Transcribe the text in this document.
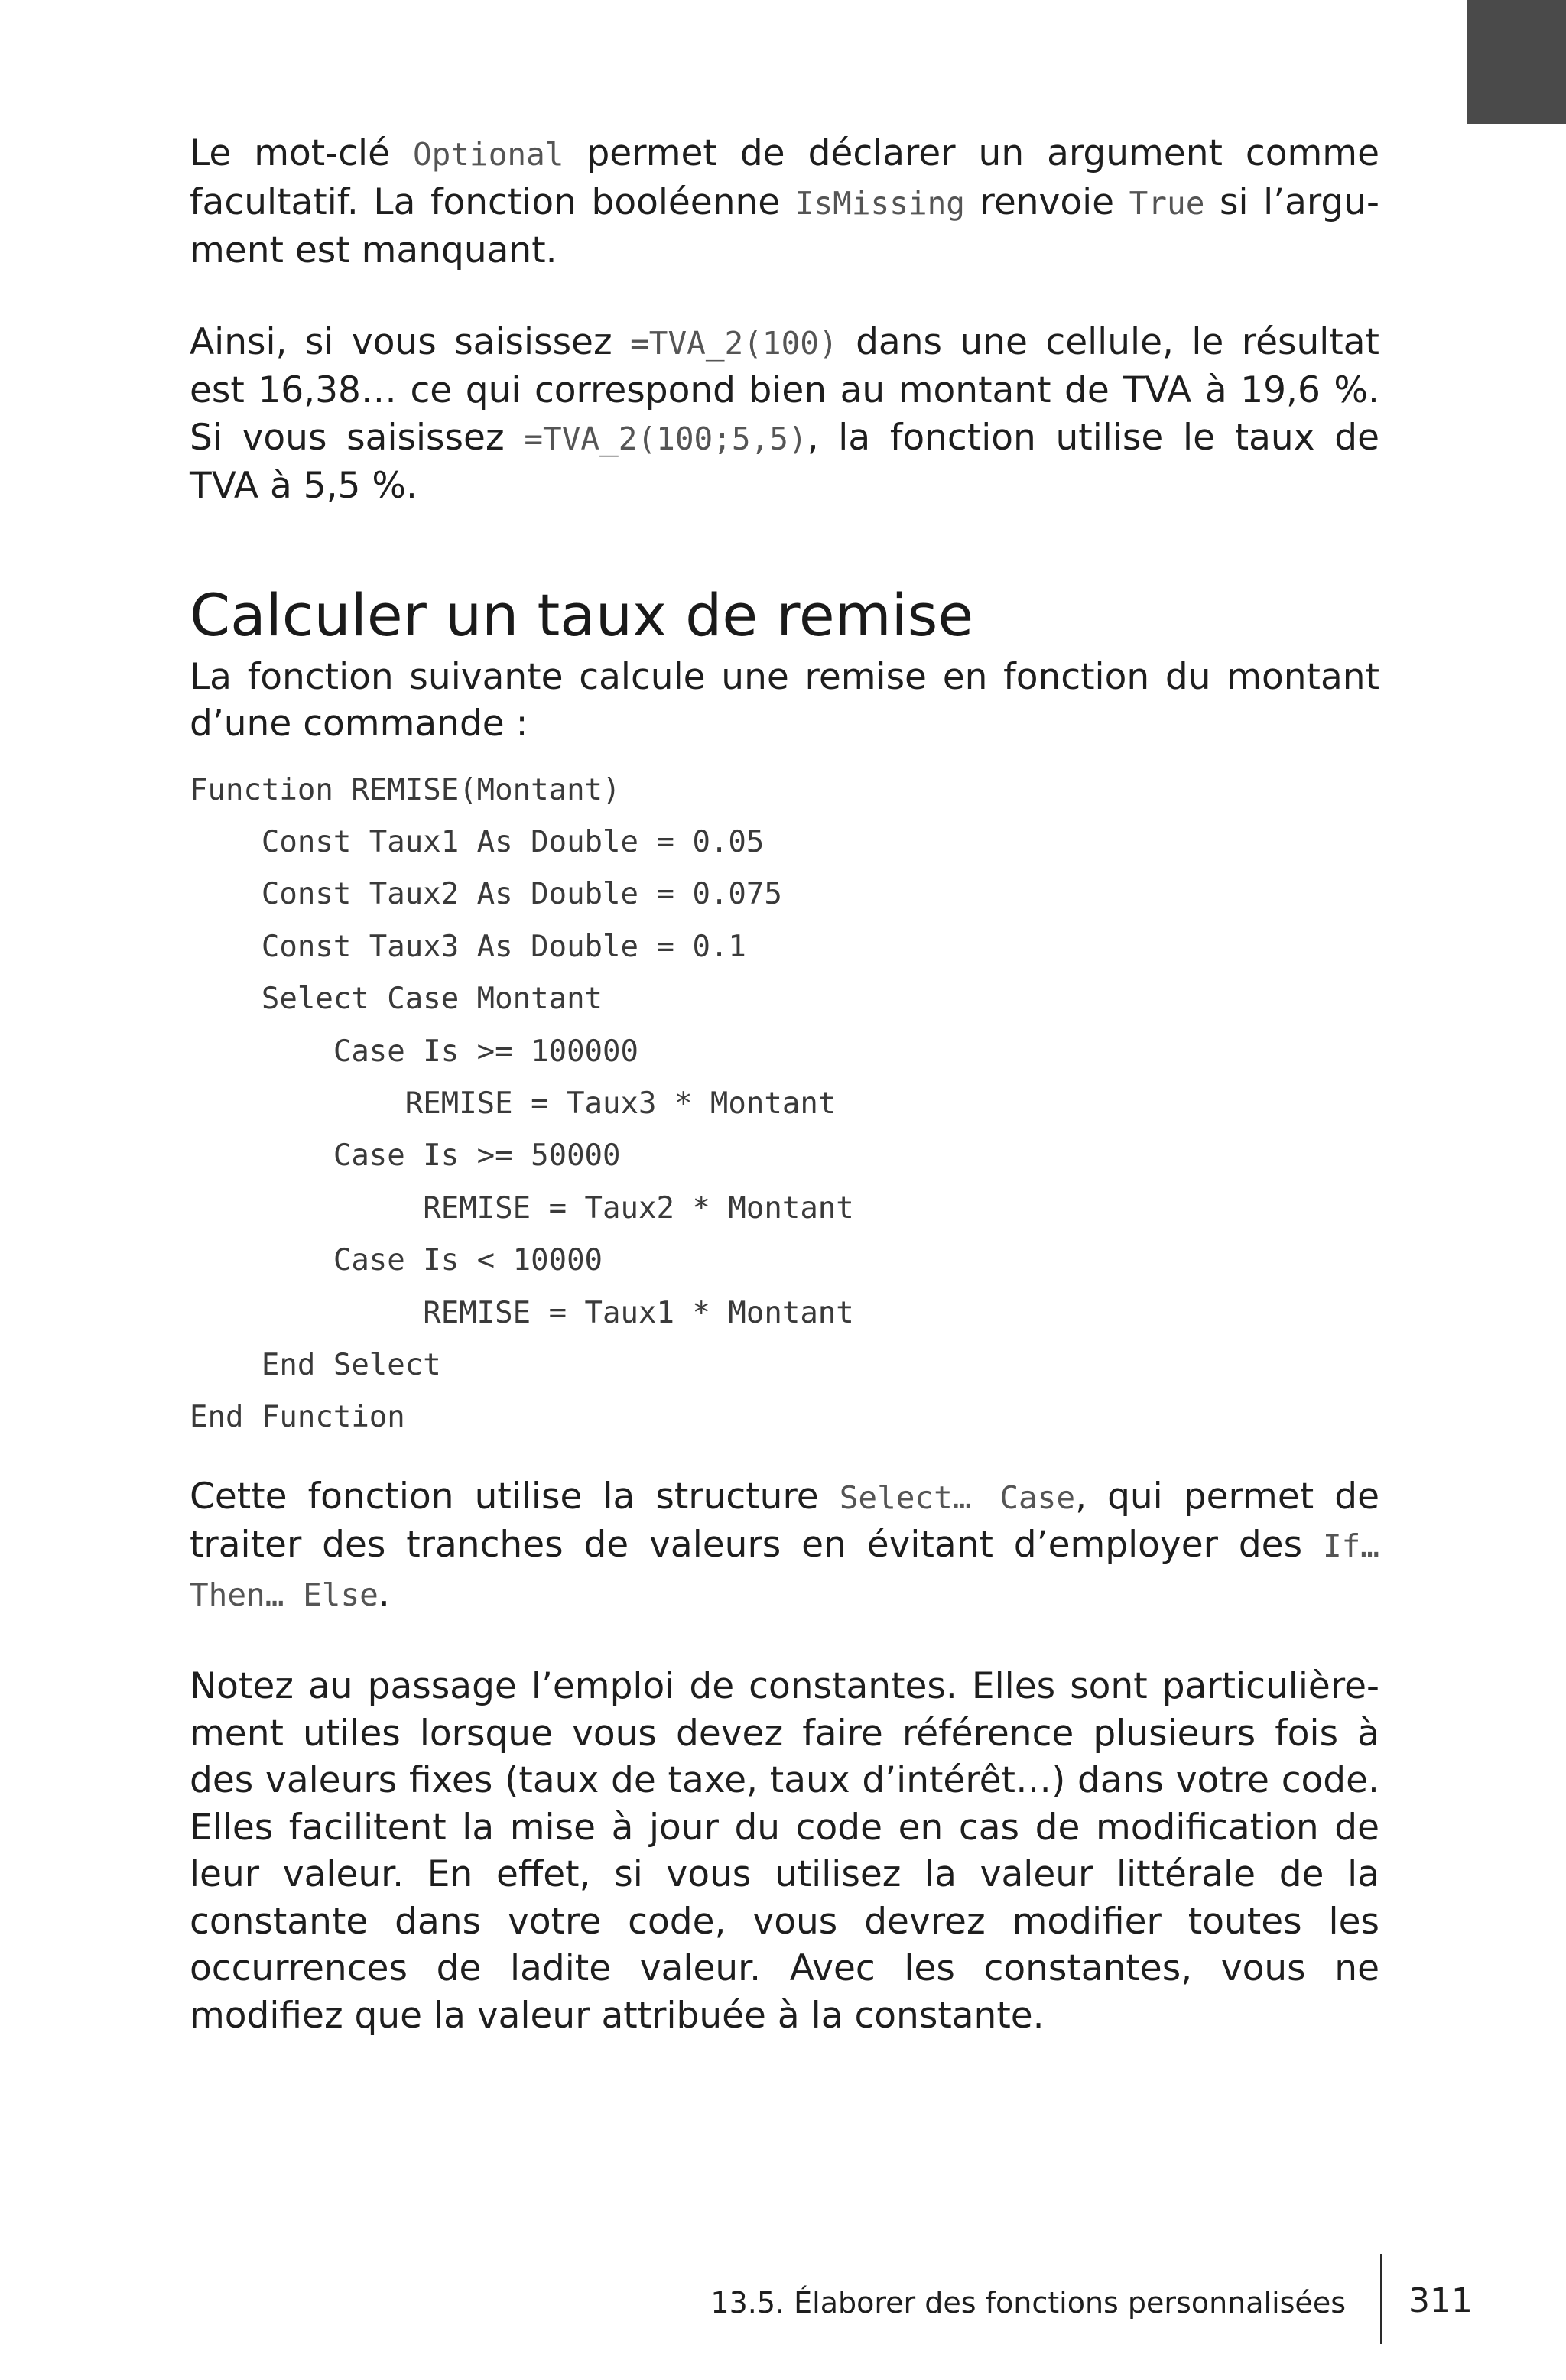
Le mot-clé Optional permet de déclarer un argument comme facultatif. La fonction booléenne IsMissing renvoie True si l’argument est manquant.

Ainsi, si vous saisissez =TVA_2(100) dans une cellule, le résultat est 16,38… ce qui correspond bien au montant de TVA à 19,6 %. Si vous saisissez =TVA_2(100;5,5), la fonction utilise le taux de TVA à 5,5 %.

Calculer un taux de remise

La fonction suivante calcule une remise en fonction du montant d’une commande :

Function REMISE(Montant)
Const Taux1 As Double = 0.05
Const Taux2 As Double = 0.075
Const Taux3 As Double = 0.1
Select Case Montant
Case Is >= 100000
REMISE = Taux3 * Montant
Case Is >= 50000
REMISE = Taux2 * Montant
Case Is < 10000
REMISE = Taux1 * Montant
End Select
End Function

Cette fonction utilise la structure Select… Case, qui permet de traiter des tranches de valeurs en évitant d’employer des If… Then… Else.

Notez au passage l’emploi de constantes. Elles sont particulièrement utiles lorsque vous devez faire référence plusieurs fois à des valeurs fixes (taux de taxe, taux d’intérêt…) dans votre code. Elles facilitent la mise à jour du code en cas de modification de leur valeur. En effet, si vous utilisez la valeur littérale de la constante dans votre code, vous devrez modifier toutes les occurrences de ladite valeur. Avec les constantes, vous ne modifiez que la valeur attribuée à la constante.

13.5. Élaborer des fonctions personnalisées 311
